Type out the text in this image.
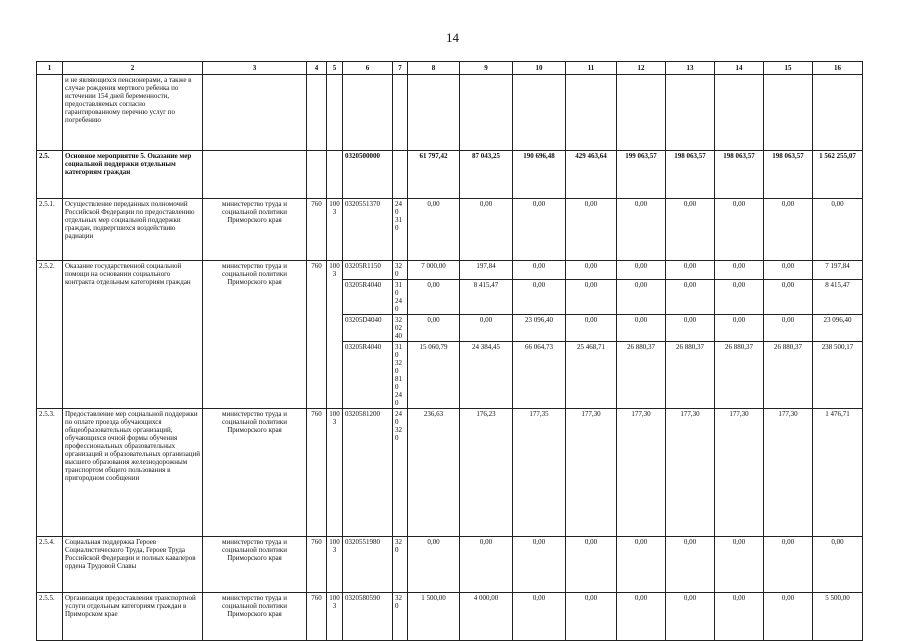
14
1	2	3	4	5	6	7	8	9	10	11	12	13	14	15	16
	и не являющихся пенсионерами, а также в случае рождения мертвого ребенка по истечении 154 дней беременности, предоставляемых согласно гарантированному перечню услуг по погребению														
2.5.	Основное мероприятие 5. Оказание мер социальной поддержки отдельным категориям граждан				0320500000		61 797,42	87 043,25	190 696,48	429 463,64	199 063,57	198 063,57	198 063,57	198 063,57	1 562 255,07
2.5.1.	Осуществление переданных полномочий Российской Федерации по предоставлению отдельных мер социальной поддержки граждан, подвергшихся воздействию радиации	министерство труда и социальной политики Приморского края	760	1003	0320551370	240 310	0,00	0,00	0,00	0,00	0,00	0,00	0,00	0,00	0,00
2.5.2.	Оказание государственной социальной помощи на основании социального контракта отдельным категориям граждан	министерство труда и социальной политики Приморского края	760	1003	03205R1150	320	7 000,00	197,84	0,00	0,00	0,00	0,00	0,00	0,00	7 197,84
					03205R4040	310 240	0,00	8 415,47	0,00	0,00	0,00	0,00	0,00	0,00	8 415,47
					03205D4040	3202 40	0,00	0,00	23 096,40	0,00	0,00	0,00	0,00	0,00	23 096,40
					03205R4040	310 320 810 240	15 060,79	24 384,45	66 064,73	25 468,71	26 880,37	26 880,37	26 880,37	26 880,37	238 500,17
2.5.3.	Предоставление мер социальной поддержки по оплате проезда обучающихся общеобразовательных организаций, обучающихся очной формы обучения профессиональных образовательных организаций и образовательных организаций высшего образования железнодорожным транспортом общего пользования в пригородном сообщении	министерство труда и социальной политики Приморского края	760	1003	0320581200	240 320	236,63	176,23	177,35	177,30	177,30	177,30	177,30	177,30	1 476,71
2.5.4.	Социальная поддержка Героев Социалистического Труда, Героев Труда Российской Федерации и полных кавалеров ордена Трудовой Славы	министерство труда и социальной политики Приморского края	760	1003	0320551980	320	0,00	0,00	0,00	0,00	0,00	0,00	0,00	0,00	0,00
2.5.5.	Организация предоставления транспортной услуги отдельным категориям граждан в Приморском крае	министерство труда и социальной политики Приморского края	760	1003	0320580590	320	1 500,00	4 000,00	0,00	0,00	0,00	0,00	0,00	0,00	5 500,00
